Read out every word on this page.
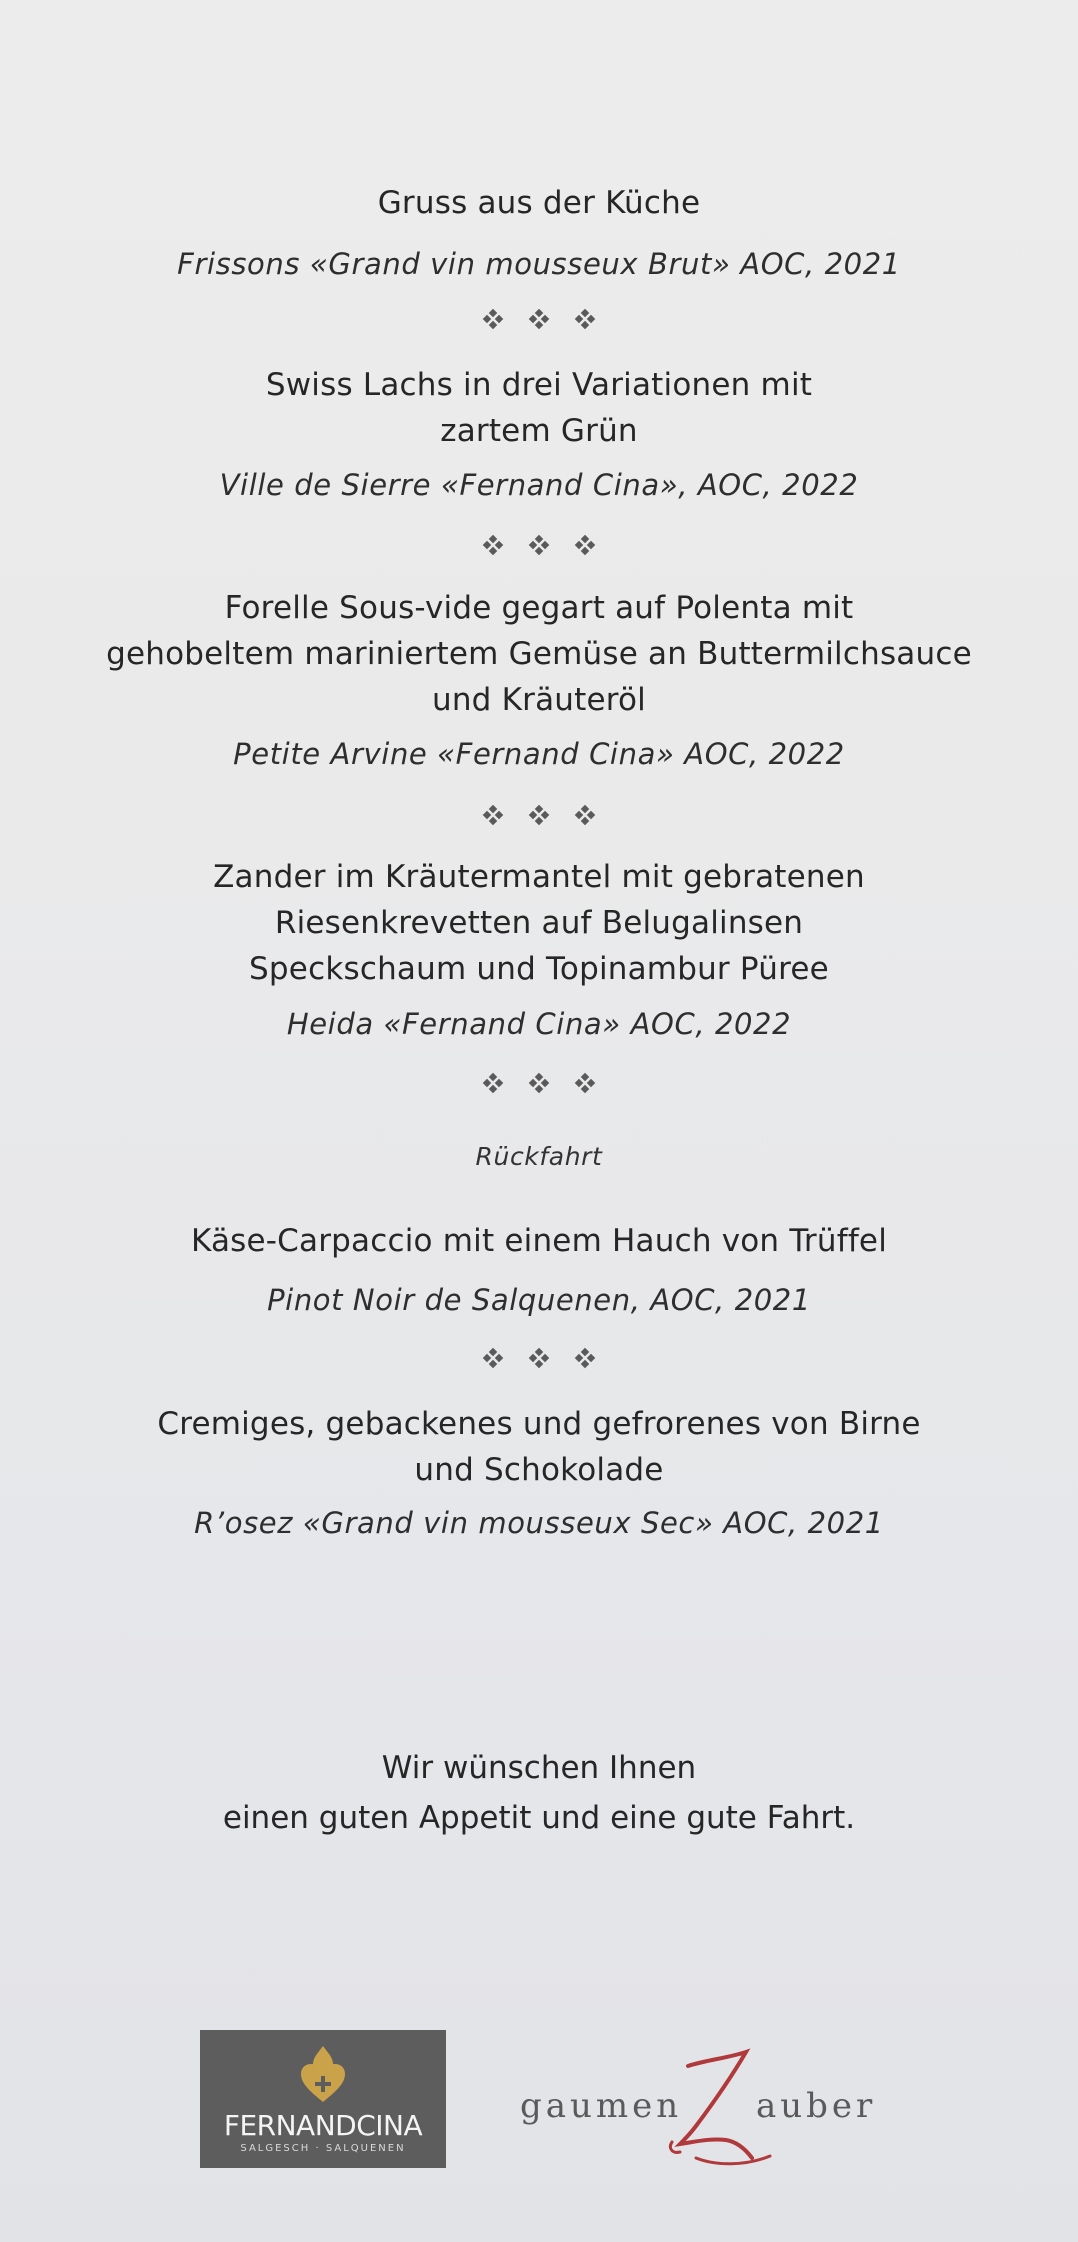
Gruss aus der Küche
Frissons «Grand vin mousseux Brut» AOC, 2021
Swiss Lachs in drei Variationen mit
zartem Grün
Ville de Sierre «Fernand Cina», AOC, 2022
Forelle Sous-vide gegart auf Polenta mit
gehobeltem mariniertem Gemüse an Buttermilchsauce
und Kräuteröl
Petite Arvine «Fernand Cina» AOC, 2022
Zander im Kräutermantel mit gebratenen
Riesenkrevetten auf Belugalinsen
Speckschaum und Topinambur Püree
Heida «Fernand Cina» AOC, 2022
Rückfahrt
Käse-Carpaccio mit einem Hauch von Trüffel
Pinot Noir de Salquenen, AOC, 2021
Cremiges, gebackenes und gefrorenes von Birne
und Schokolade
R’osez «Grand vin mousseux Sec» AOC, 2021
Wir wünschen Ihnen
einen guten Appetit und eine gute Fahrt.
FERNANDCINA
SALGESCH · SALQUENEN
gaumen auber
